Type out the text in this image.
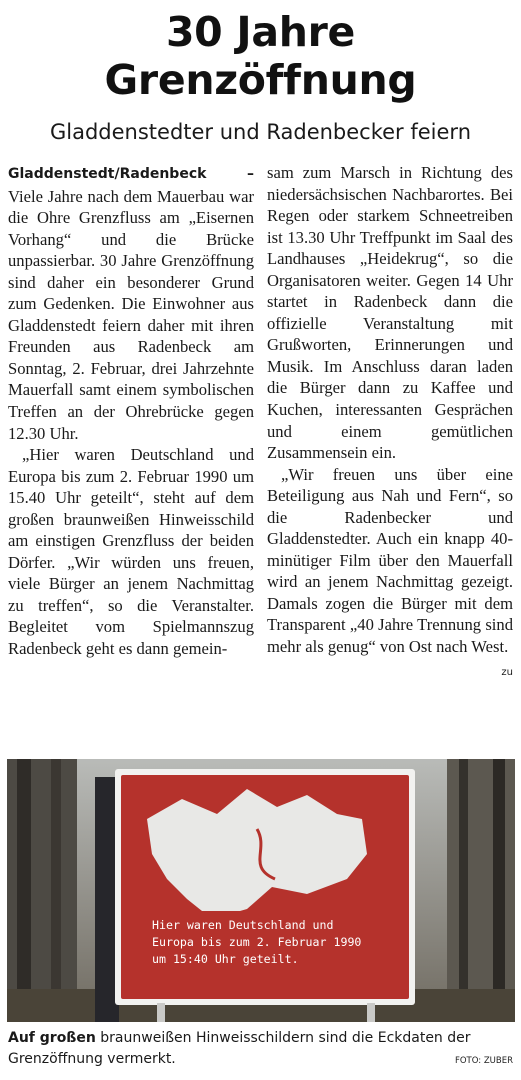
30 Jahre
Grenzöffnung
Gladdenstedter und Radenbecker feiern

Gladdenstedt/Radenbeck – Viele Jahre nach dem Mauerbau war die Ohre Grenzfluss am „Eisernen Vorhang“ und die Brücke unpassierbar. 30 Jahre Grenzöffnung sind daher ein besonderer Grund zum Gedenken. Die Einwohner aus Gladdenstedt feiern daher mit ihren Freunden aus Radenbeck am Sonntag, 2. Februar, drei Jahrzehnte Mauerfall samt einem symbolischen Treffen an der Ohrebrücke gegen 12.30 Uhr.

„Hier waren Deutschland und Europa bis zum 2. Februar 1990 um 15.40 Uhr geteilt“, steht auf dem großen braunweißen Hinweisschild am einstigen Grenzfluss der beiden Dörfer. „Wir würden uns freuen, viele Bürger an jenem Nachmittag zu treffen“, so die Veranstalter. Begleitet vom Spielmannszug Radenbeck geht es dann gemein-

sam zum Marsch in Richtung des niedersächsischen Nachbarortes. Bei Regen oder starkem Schneetreiben ist 13.30 Uhr Treffpunkt im Saal des Landhauses „Heidekrug“, so die Organisatoren weiter. Gegen 14 Uhr startet in Radenbeck dann die offizielle Veranstaltung mit Grußworten, Erinnerungen und Musik. Im Anschluss daran laden die Bürger dann zu Kaffee und Kuchen, interessanten Gesprächen und einem gemütlichen Zusammensein ein.

„Wir freuen uns über eine Beteiligung aus Nah und Fern“, so die Radenbecker und Gladdenstedter. Auch ein knapp 40-minütiger Film über den Mauerfall wird an jenem Nachmittag gezeigt. Damals zogen die Bürger mit dem Transparent „40 Jahre Trennung sind mehr als genug“ von Ost nach West.
zu

Hier waren Deutschland und
Europa bis zum 2. Februar 1990
um 15:40 Uhr geteilt.
Auf großen braunweißen Hinweisschildern sind die Eckdaten der Grenzöffnung vermerkt.	FOTO: ZUBER
